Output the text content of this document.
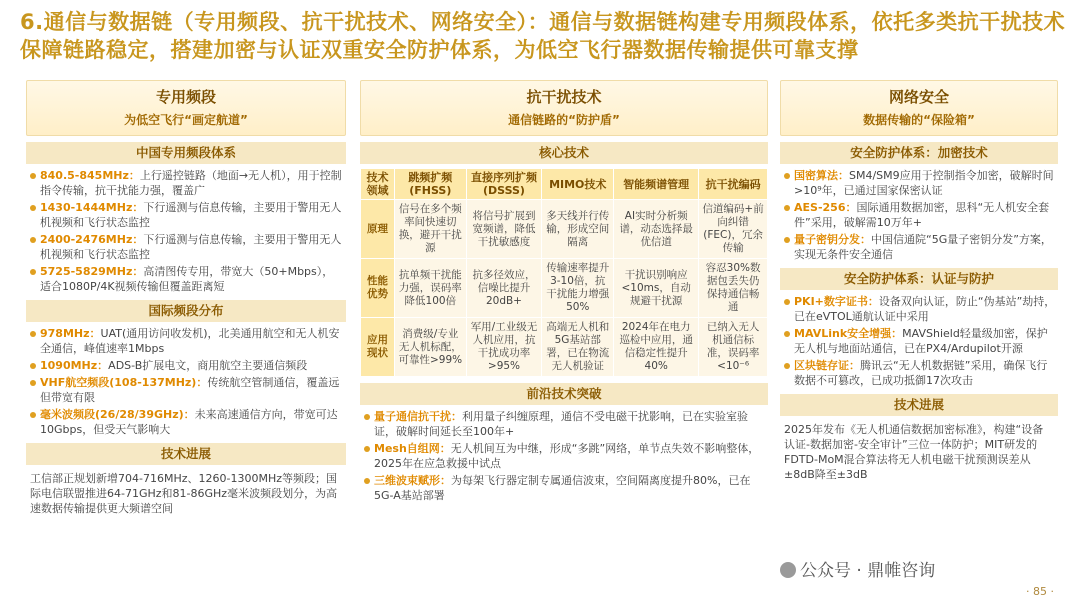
6.通信与数据链（专用频段、抗干扰技术、网络安全）：通信与数据链构建专用频段体系，依托多类抗干扰技术保障链路稳定，搭建加密与认证双重安全防护体系，为低空飞行器数据传输提供可靠支撑
专用频段
为低空飞行“画定航道”
中国专用频段体系
840.5-845MHz：上行遥控链路（地面→无人机），用于控制指令传输，抗干扰能力强，覆盖广
1430-1444MHz：下行遥测与信息传输，主要用于警用无人机视频和飞行状态监控
2400-2476MHz：下行遥测与信息传输，主要用于警用无人机视频和飞行状态监控
5725-5829MHz：高清图传专用，带宽大（50+Mbps），适合1080P/4K视频传输但覆盖距离短
国际频段分布
978MHz：UAT(通用访问收发机)，北美通用航空和无人机安全通信，峰值速率1Mbps
1090MHz：ADS-B扩展电文，商用航空主要通信频段
VHF航空频段(108-137MHz)：传统航空管制通信，覆盖远但带宽有限
毫米波频段(26/28/39GHz)：未来高速通信方向，带宽可达10Gbps，但受天气影响大
技术进展
工信部正规划新增704-716MHz、1260-1300MHz等频段；国际电信联盟推进64-71GHz和81-86GHz毫米波频段划分，为高速数据传输提供更大频谱空间
抗干扰技术
通信链路的“防护盾”
核心技术
技术领域	跳频扩频(FHSS)	直接序列扩频(DSSS)	MIMO技术	智能频谱管理	抗干扰编码
原理	信号在多个频率间快速切换，避开干扰源	将信号扩展到宽频谱，降低干扰敏感度	多天线并行传输，形成空间隔离	AI实时分析频谱，动态选择最优信道	信道编码+前向纠错(FEC)，冗余传输
性能优势	抗单频干扰能力强，误码率降低100倍	抗多径效应，信噪比提升20dB+	传输速率提升3-10倍，抗干扰能力增强50%	干扰识别响应<10ms，自动规避干扰源	容忍30%数据包丢失仍保持通信畅通
应用现状	消费级/专业无人机标配，可靠性>99%	军用/工业级无人机应用，抗干扰成功率>95%	高端无人机和5G基站部署，已在物流无人机验证	2024年在电力巡检中应用，通信稳定性提升40%	已纳入无人机通信标准，误码率<10⁻⁶
前沿技术突破
量子通信抗干扰：利用量子纠缠原理，通信不受电磁干扰影响，已在实验室验证，破解时间延长至100年+
Mesh自组网：无人机间互为中继，形成“多跳”网络，单节点失效不影响整体，2025年在应急救援中试点
三维波束赋形：为每架飞行器定制专属通信波束，空间隔离度提升80%，已在5G-A基站部署
网络安全
数据传输的“保险箱”
安全防护体系：加密技术
国密算法：SM4/SM9应用于控制指令加密，破解时间>10⁹年，已通过国家保密认证
AES-256：国际通用数据加密，思科“无人机安全套件”采用，破解需10万年+
量子密钥分发：中国信通院“5G量子密钥分发”方案，实现无条件安全通信
安全防护体系：认证与防护
PKI+数字证书：设备双向认证，防止“伪基站”劫持，已在eVTOL通航认证中采用
MAVLink安全增强：MAVShield轻量级加密，保护无人机与地面站通信，已在PX4/Ardupilot开源
区块链存证：腾讯云“无人机数据链”采用，确保飞行数据不可篡改，已成功抵御17次攻击
技术进展
2025年发布《无人机通信数据加密标准》，构建“设备认证-数据加密-安全审计”三位一体防护；MIT研发的FDTD-MoM混合算法将无人机电磁干扰预测误差从±8dB降至±3dB
公众号 · 鼎帷咨询
· 85 ·
